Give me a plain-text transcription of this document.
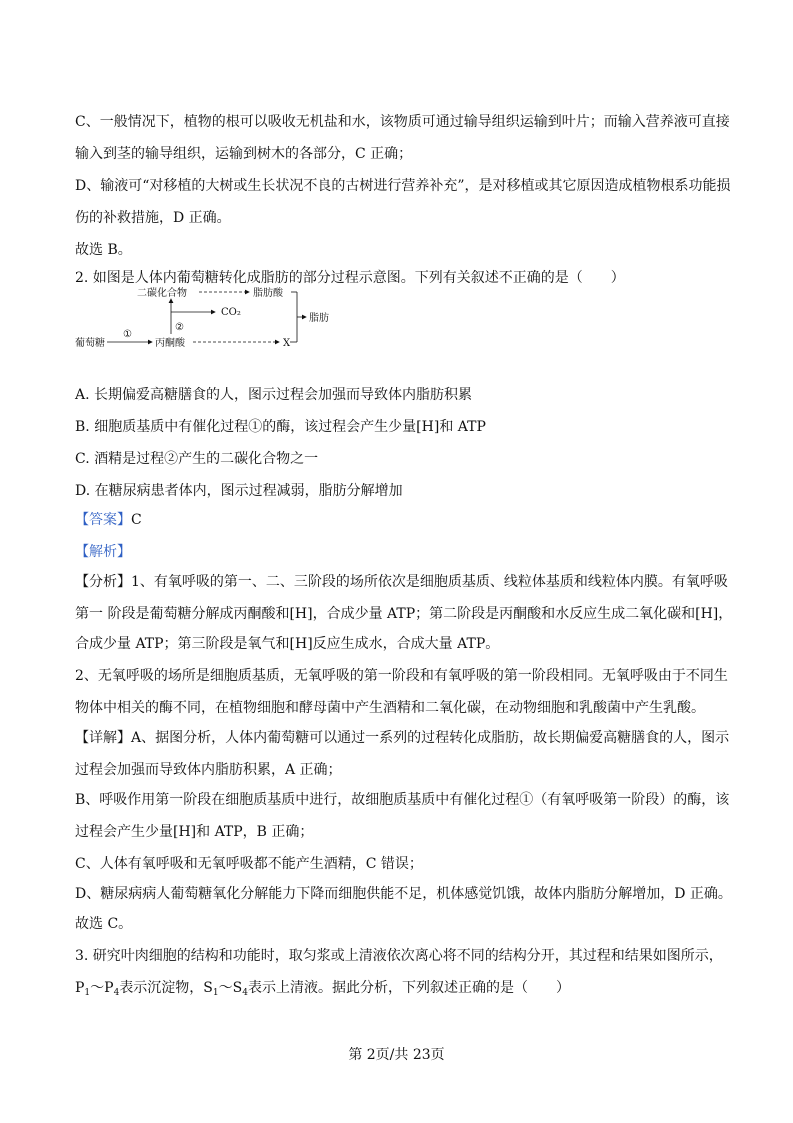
C、一般情况下，植物的根可以吸收无机盐和水，该物质可通过输导组织运输到叶片；而输入营养液可直接
输入到茎的输导组织，运输到树木的各部分，C 正确；
D、输液可“对移植的大树或生长状况不良的古树进行营养补充”，是对移植或其它原因造成植物根系功能损
伤的补救措施，D 正确。
故选 B。
2. 如图是人体内葡萄糖转化成脂肪的部分过程示意图。下列有关叙述不正确的是（　　）
二碳化合物	脂肪酸
CO₂
②
①
葡萄糖	丙酮酸	X
脂肪
A. 长期偏爱高糖膳食的人，图示过程会加强而导致体内脂肪积累
B. 细胞质基质中有催化过程①的酶，该过程会产生少量[H]和 ATP
C. 酒精是过程②产生的二碳化合物之一
D. 在糖尿病患者体内，图示过程减弱，脂肪分解增加
【答案】C
【解析】
【分析】1、有氧呼吸的第一、二、三阶段的场所依次是细胞质基质、线粒体基质和线粒体内膜。有氧呼吸
第一 阶段是葡萄糖分解成丙酮酸和[H]，合成少量 ATP；第二阶段是丙酮酸和水反应生成二氧化碳和[H]，
合成少量 ATP；第三阶段是氧气和[H]反应生成水，合成大量 ATP。
2、无氧呼吸的场所是细胞质基质，无氧呼吸的第一阶段和有氧呼吸的第一阶段相同。无氧呼吸由于不同生
物体中相关的酶不同，在植物细胞和酵母菌中产生酒精和二氧化碳，在动物细胞和乳酸菌中产生乳酸。
【详解】A、据图分析，人体内葡萄糖可以通过一系列的过程转化成脂肪，故长期偏爱高糖膳食的人，图示
过程会加强而导致体内脂肪积累，A 正确；
B、呼吸作用第一阶段在细胞质基质中进行，故细胞质基质中有催化过程①（有氧呼吸第一阶段）的酶，该
过程会产生少量[H]和 ATP，B 正确；
C、人体有氧呼吸和无氧呼吸都不能产生酒精，C 错误；
D、糖尿病病人葡萄糖氧化分解能力下降而细胞供能不足，机体感觉饥饿，故体内脂肪分解增加，D 正确。
故选 C。
3. 研究叶肉细胞的结构和功能时，取匀浆或上清液依次离心将不同的结构分开，其过程和结果如图所示，
$P_1\sim P_4$表示沉淀物，$S_1\sim S_4$表示上清液。据此分析，下列叙述正确的是（　　）
第 2页/共 23页
